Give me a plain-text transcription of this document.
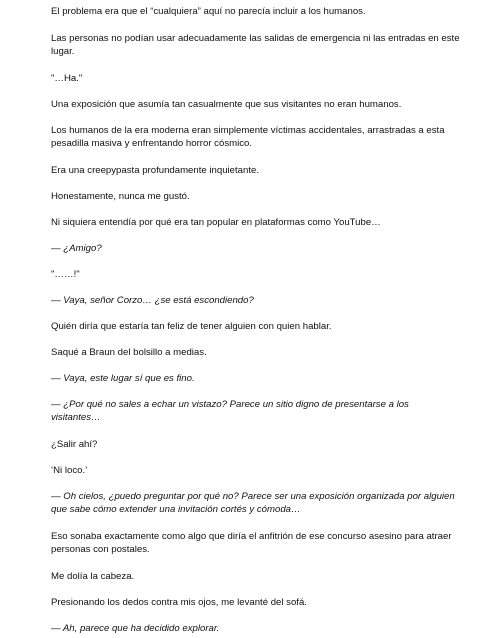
El problema era que el “cualquiera” aquí no parecía incluir a los humanos.

Las personas no podían usar adecuadamente las salidas de emergencia ni las entradas en este lugar.

"…Ha."

Una exposición que asumía tan casualmente que sus visitantes no eran humanos.

Los humanos de la era moderna eran simplemente víctimas accidentales, arrastradas a esta pesadilla masiva y enfrentando horror cósmico.

Era una creepypasta profundamente inquietante.

Honestamente, nunca me gustó.

Ni siquiera entendía por qué era tan popular en plataformas como YouTube…

— ¿Amigo?

"……!"

— Vaya, señor Corzo… ¿se está escondiendo?

Quién diría que estaría tan feliz de tener alguien con quien hablar.

Saqué a Braun del bolsillo a medias.

— Vaya, este lugar sí que es fino.

— ¿Por qué no sales a echar un vistazo? Parece un sitio digno de presentarse a los visitantes…

¿Salir ahí?

‘Ni loco.’

— Oh cielos, ¿puedo preguntar por qué no? Parece ser una exposición organizada por alguien que sabe cómo extender una invitación cortés y cómoda…

Eso sonaba exactamente como algo que diría el anfitrión de ese concurso asesino para atraer personas con postales.

Me dolía la cabeza.

Presionando los dedos contra mis ojos, me levanté del sofá.

— Ah, parece que ha decidido explorar.
